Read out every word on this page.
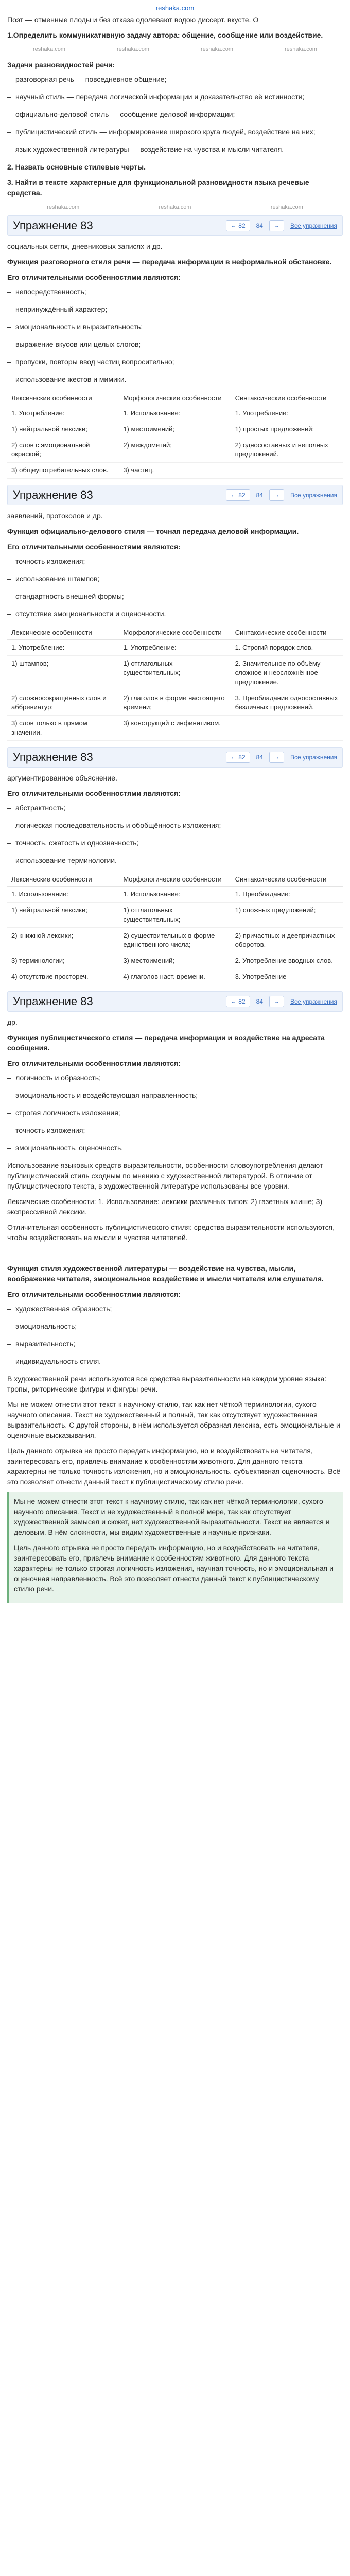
reshaka.com

Поэт — отменные плоды и без отказа одолевают водою диссерт. вкусте. О

1.Определить коммуникативную задачу автора: общение, сообщение или воздействие.
reshaka.com	reshaka.com	reshaka.com	reshaka.com
Задачи разновидностей речи:
– разговорная речь — повседневное общение;
– научный стиль — передача логической информации и доказательство её истинности;
– официально-деловой стиль — сообщение деловой информации;
– публицистический стиль — информирование широкого круга людей, воздействие на них;
– язык художественной литературы — воздействие на чувства и мысли читателя.
2. Назвать основные стилевые черты.
3. Найти в тексте характерные для функциональной разновидности языка речевые средства.
reshaka.com	reshaka.com	reshaka.com
Упражнение 83	← 82 84 → Все упражнения

социальных сетях, дневниковых записях и др.

Функция разговорного стиля речи — передача информации в неформальной обстановке.

Его отличительными особенностями являются:
– непосредственность;
– непринуждённый характер;
– эмоциональность и выразительность;
– выражение вкусов или целых слогов;
– пропуски, повторы ввод частиц вопросительно;
– использование жестов и мимики.
Лексические особенности	Морфологические особенности	Синтаксические особенности
1. Употребление:	1. Использование:	1. Употребление:
1) нейтральной лексики;	1) местоимений;	1) простых предложений;
2) слов с эмоциональной окраской;	2) междометий;	2) односоставных и неполных предложений.
3) общеупотребительных слов.	3) частиц.	
Упражнение 83	← 82 84 → Все упражнения

заявлений, протоколов и др.

Функция официально-делового стиля — точная передача деловой информации.

Его отличительными особенностями являются:
– точность изложения;
– использование штампов;
– стандартность внешней формы;
– отсутствие эмоциональности и оценочности.
Лексические особенности	Морфологические особенности	Синтаксические особенности
1. Употребление:	1. Употребление:	1. Строгий порядок слов.
1) штампов;	1) отглагольных существительных;	2. Значительное по объёму сложное и неосложнённое предложение.
2) сложносокращённых слов и аббревиатур;	2) глаголов в форме настоящего времени;	3. Преобладание односоставных безличных предложений.
3) слов только в прямом значении.	3) конструкций с инфинитивом.	
Упражнение 83	← 82 84 → Все упражнения

аргументированное объяснение.

Его отличительными особенностями являются:
– абстрактность;
– логическая последовательность и обобщённость изложения;
– точность, сжатость и однозначность;
– использование терминологии.
Лексические особенности	Морфологические особенности	Синтаксические особенности
1. Использование:	1. Использование:	1. Преобладание:
1) нейтральной лексики;	1) отглагольных существительных;	1) сложных предложений;
2) книжной лексики;	2) существительных в форме единственного числа;	2) причастных и деепричастных оборотов.
3) терминологии;	3) местоимений;	2. Употребление вводных слов.
4) отсутствие простореч.	4) глаголов наст. времени.	3. Употребление
Упражнение 83	← 82 84 → Все упражнения

др.

Функция публицистического стиля — передача информации и воздействие на адресата сообщения.

Его отличительными особенностями являются:
– логичность и образность;
– эмоциональность и воздействующая направленность;
– строгая логичность изложения;
– точность изложения;
– эмоциональность, оценочность.

Использование языковых средств выразительности, особенности словоупотребления делают публицистический стиль сходным по мнению с художественной литературой. В отличие от публицистического текста, в художественной литературе использованы все уровни.

Лексические особенности: 1. Использование: лексики различных типов; 2) газетных клише; 3) экспрессивной лексики.

Отличительная особенность публицистического стиля: средства выразительности используются, чтобы воздействовать на мысли и чувства читателей.

Функция стиля художественной литературы — воздействие на чувства, мысли, воображение читателя, эмоциональное воздействие и мысли читателя или слушателя.

Его отличительными особенностями являются:
– художественная образность;
– эмоциональность;
– выразительность;
– индивидуальность стиля.

В художественной речи используются все средства выразительности на каждом уровне языка: тропы, риторические фигуры и фигуры речи.

Мы не можем отнести этот текст к научному стилю, так как нет чёткой терминологии, сухого научного описания. Текст не художественный и полный, так как отсутствует художественная выразительность. С другой стороны, в нём используется образная лексика, есть эмоциональные и оценочные высказывания.

Цель данного отрывка не просто передать информацию, но и воздействовать на читателя, заинтересовать его, привлечь внимание к особенностям животного. Для данного текста характерны не только точность изложения, но и эмоциональность, субъективная оценочность. Всё это позволяет отнести данный текст к публицистическому стилю речи.

Мы не можем отнести этот текст к научному стилю, так как нет чёткой терминологии, сухого научного описания. Текст и не художественный в полной мере, так как отсутствует художественной замысел и сюжет, нет художественной выразительности. Текст не является и деловым. В нём сложности, мы видим художественные и научные признаки.

Цель данного отрывка не просто передать информацию, но и воздействовать на читателя, заинтересовать его, привлечь внимание к особенностям животного. Для данного текста характерны не только строгая логичность изложения, научная точность, но и эмоциональная и оценочная направленность. Всё это позволяет отнести данный текст к публицистическому стилю речи.
